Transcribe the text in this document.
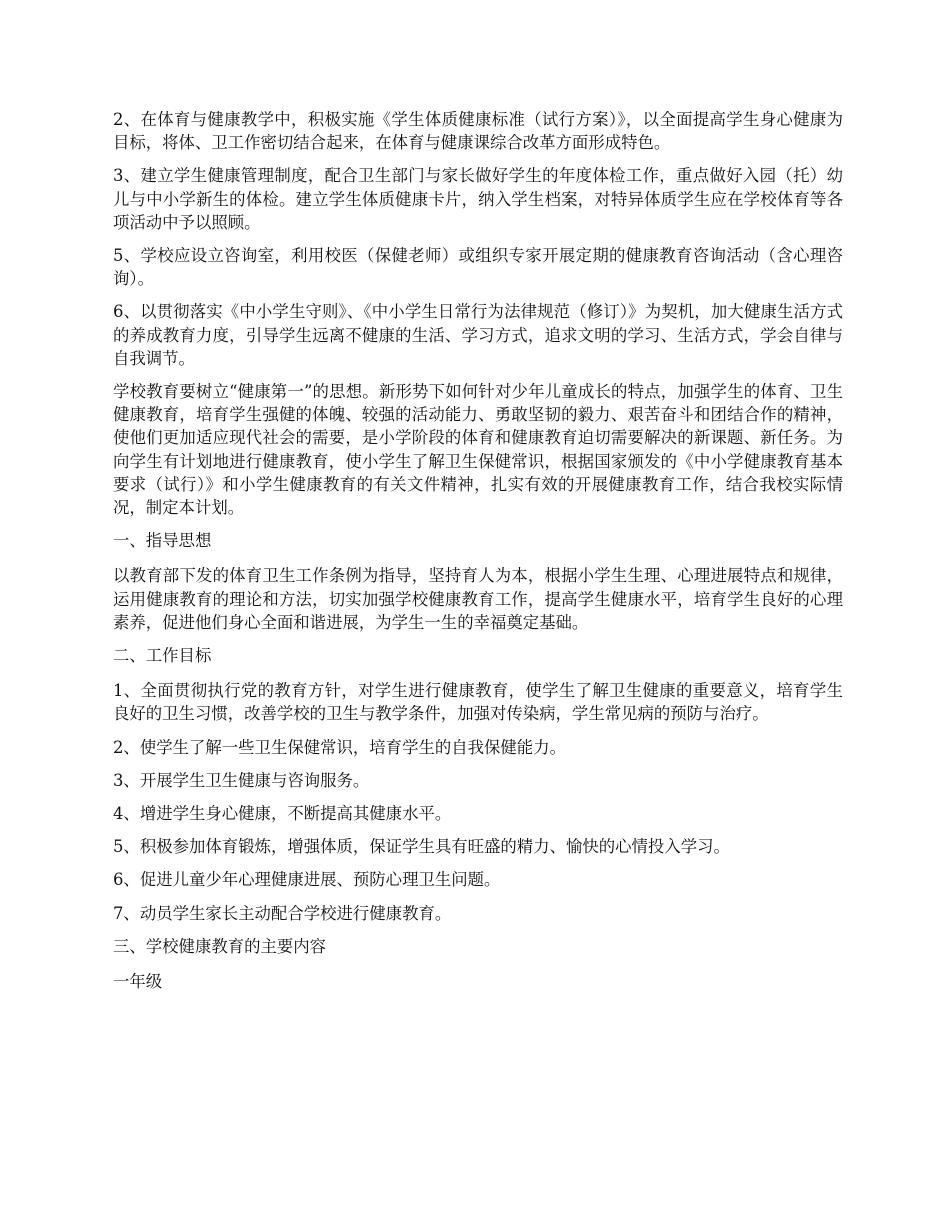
2、在体育与健康教学中，积极实施《学生体质健康标准（试行方案）》，以全面提高学生身心健康为目标，将体、卫工作密切结合起来，在体育与健康课综合改革方面形成特色。

3、建立学生健康管理制度，配合卫生部门与家长做好学生的年度体检工作，重点做好入园（托）幼儿与中小学新生的体检。建立学生体质健康卡片，纳入学生档案，对特异体质学生应在学校体育等各项活动中予以照顾。

5、学校应设立咨询室，利用校医（保健老师）或组织专家开展定期的健康教育咨询活动（含心理咨询）。

6、以贯彻落实《中小学生守则》、《中小学生日常行为法律规范（修订）》为契机，加大健康生活方式的养成教育力度，引导学生远离不健康的生活、学习方式，追求文明的学习、生活方式，学会自律与自我调节。

学校教育要树立“健康第一”的思想。新形势下如何针对少年儿童成长的特点，加强学生的体育、卫生健康教育，培育学生强健的体魄、较强的活动能力、勇敢坚韧的毅力、艰苦奋斗和团结合作的精神，使他们更加适应现代社会的需要，是小学阶段的体育和健康教育迫切需要解决的新课题、新任务。为向学生有计划地进行健康教育，使小学生了解卫生保健常识，根据国家颁发的《中小学健康教育基本要求（试行）》和小学生健康教育的有关文件精神，扎实有效的开展健康教育工作，结合我校实际情况，制定本计划。

一、指导思想

以教育部下发的体育卫生工作条例为指导，坚持育人为本，根据小学生生理、心理进展特点和规律，运用健康教育的理论和方法，切实加强学校健康教育工作，提高学生健康水平，培育学生良好的心理素养，促进他们身心全面和谐进展，为学生一生的幸福奠定基础。

二、工作目标

1、全面贯彻执行党的教育方针，对学生进行健康教育，使学生了解卫生健康的重要意义，培育学生良好的卫生习惯，改善学校的卫生与教学条件，加强对传染病，学生常见病的预防与治疗。

2、使学生了解一些卫生保健常识，培育学生的自我保健能力。

3、开展学生卫生健康与咨询服务。

4、增进学生身心健康，不断提高其健康水平。

5、积极参加体育锻炼，增强体质，保证学生具有旺盛的精力、愉快的心情投入学习。

6、促进儿童少年心理健康进展、预防心理卫生问题。

7、动员学生家长主动配合学校进行健康教育。

三、学校健康教育的主要内容

一年级
